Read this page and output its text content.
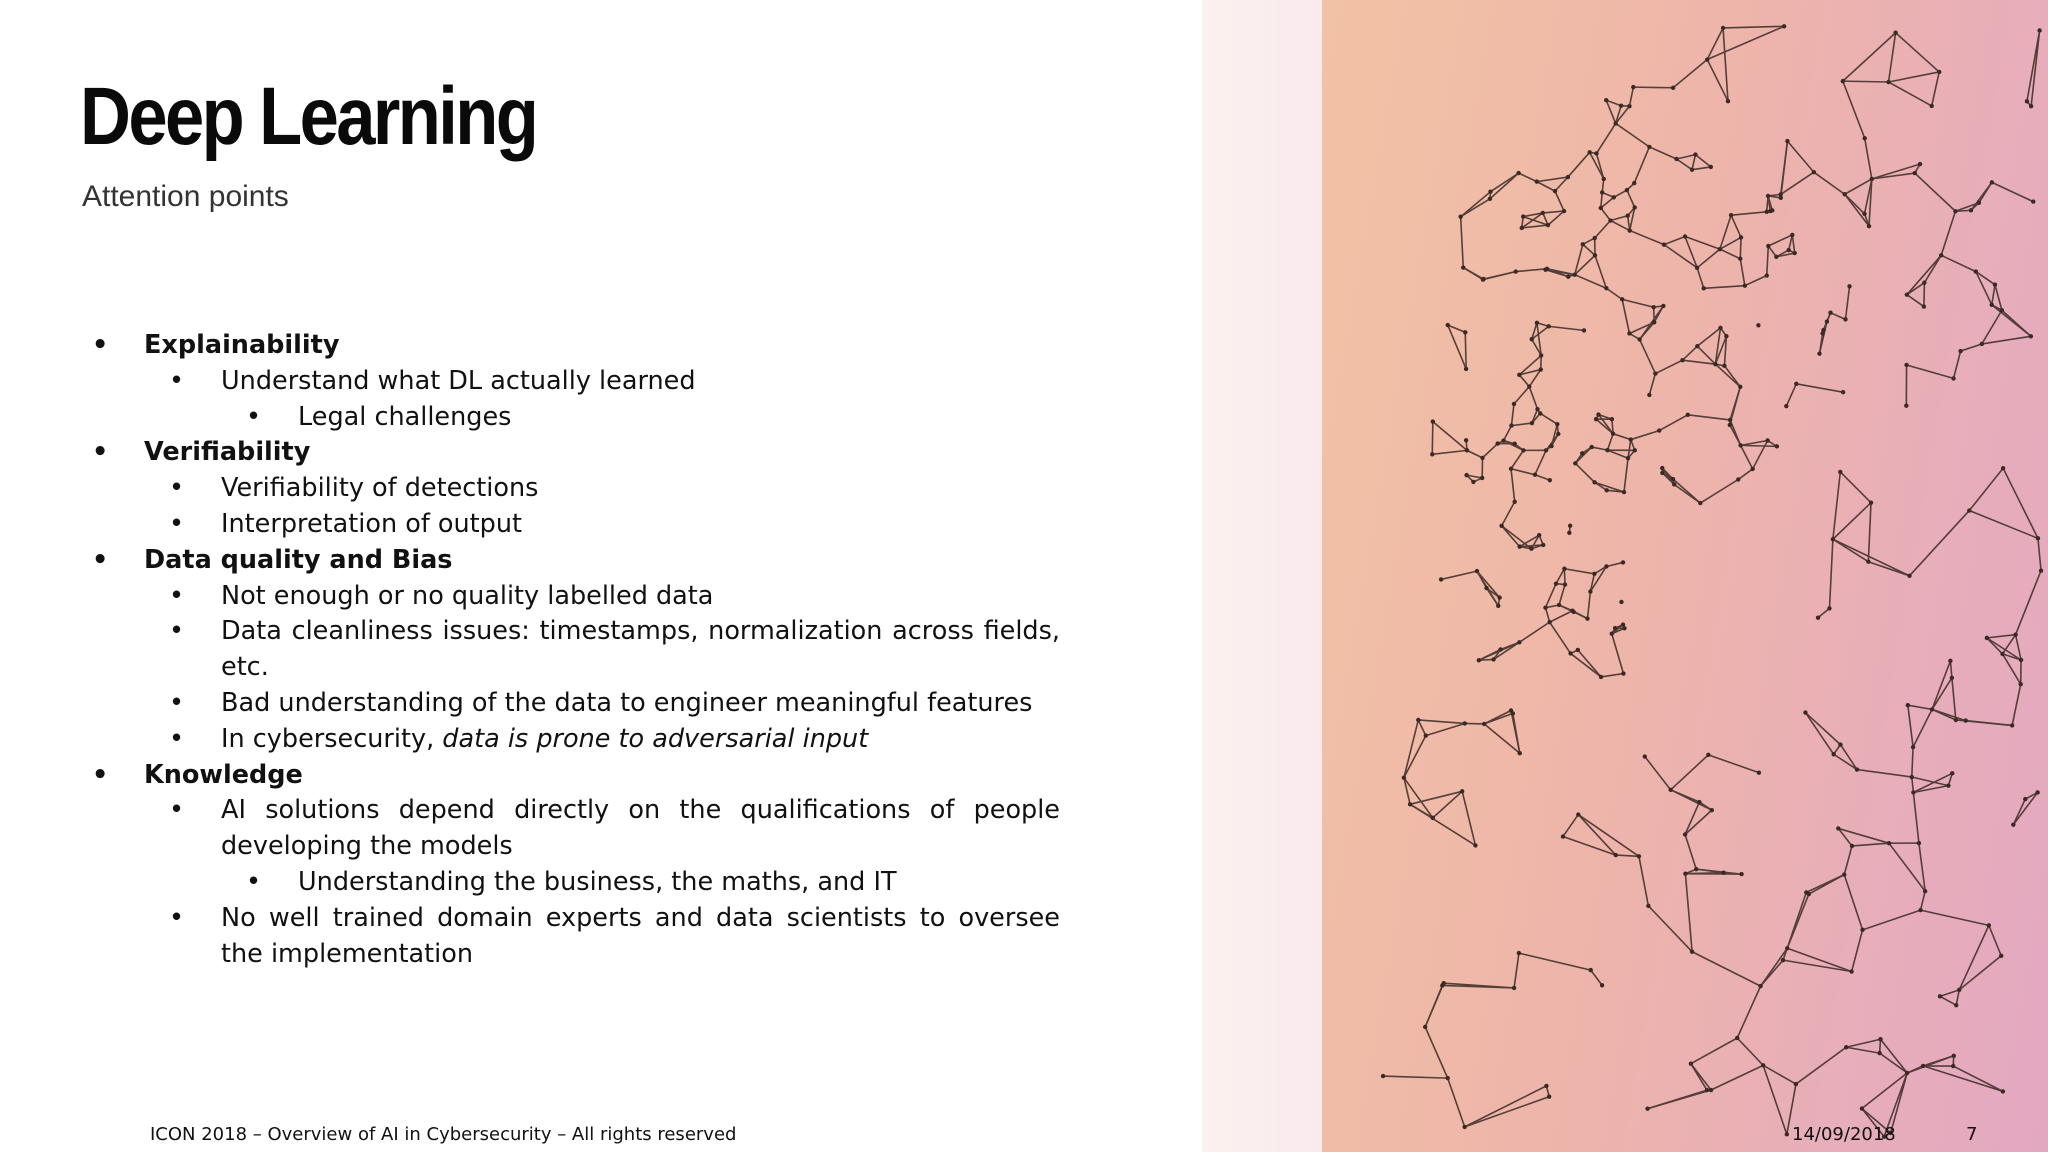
Deep Learning
Attention points
• Explainability
• Understand what DL actually learned
• Legal challenges
• Verifiability
• Verifiability of detections
• Interpretation of output
• Data quality and Bias
• Not enough or no quality labelled data
• Data cleanliness issues: timestamps, normalization across fields, etc.
• Bad understanding of the data to engineer meaningful features
• In cybersecurity, data is prone to adversarial input
• Knowledge
• AI solutions depend directly on the qualifications of people developing the models
• Understanding the business, the maths, and IT
• No well trained domain experts and data scientists to oversee the implementation
ICON 2018 – Overview of AI in Cybersecurity – All rights reserved	14/09/2018	7
